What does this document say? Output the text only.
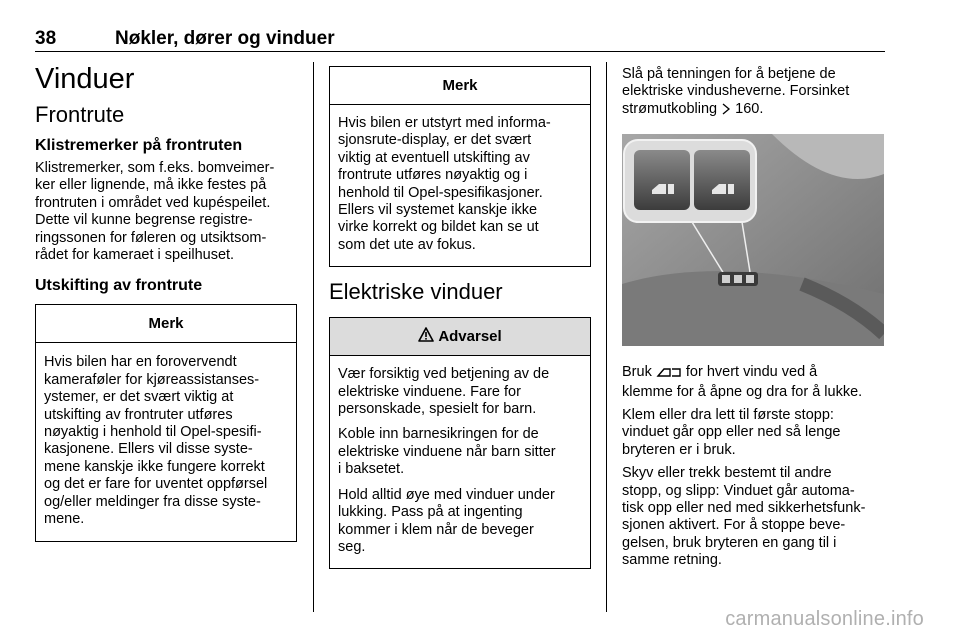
38	Nøkler, dører og vinduer
Vinduer
Frontrute
Klistremerker på frontruten

Klistremerker, som f.eks. bomveimer-
ker eller lignende, må ikke festes på
frontruten i området ved kupéspeilet.
Dette vil kunne begrense registre-
ringssonen for føleren og utsiktsom-
rådet for kameraet i speilhuset.

Utskifting av frontrute
Merk

Hvis bilen har en forovervendt
kameraføler for kjøreassistanses-
ystemer, er det svært viktig at
utskifting av frontruter utføres
nøyaktig i henhold til Opel-spesifi-
kasjonene. Ellers vil disse syste-
mene kanskje ikke fungere korrekt
og det er fare for uventet oppførsel
og/eller meldinger fra disse syste-
mene.

Merk

Hvis bilen er utstyrt med informa-
sjonsrute-display, er det svært
viktig at eventuell utskifting av
frontrute utføres nøyaktig og i
henhold til Opel-spesifikasjoner.
Ellers vil systemet kanskje ikke
virke korrekt og bildet kan se ut
som det ute av fokus.

Elektriske vinduer
Advarsel

Vær forsiktig ved betjening av de
elektriske vinduene. Fare for
personskade, spesielt for barn.

Koble inn barnesikringen for de
elektriske vinduene når barn sitter
i baksetet.

Hold alltid øye med vinduer under
lukking. Pass på at ingenting
kommer i klem når de beveger
seg.

Slå på tenningen for å betjene de
elektriske vindusheverne. Forsinket
strømutkobling  160.

Bruk  for hvert vindu ved å
klemme for å åpne og dra for å lukke.

Klem eller dra lett til første stopp:
vinduet går opp eller ned så lenge
bryteren er i bruk.

Skyv eller trekk bestemt til andre
stopp, og slipp: Vinduet går automa-
tisk opp eller ned med sikkerhetsfunk-
sjonen aktivert. For å stoppe beve-
gelsen, bruk bryteren en gang til i
samme retning.

carmanualsonline.info
